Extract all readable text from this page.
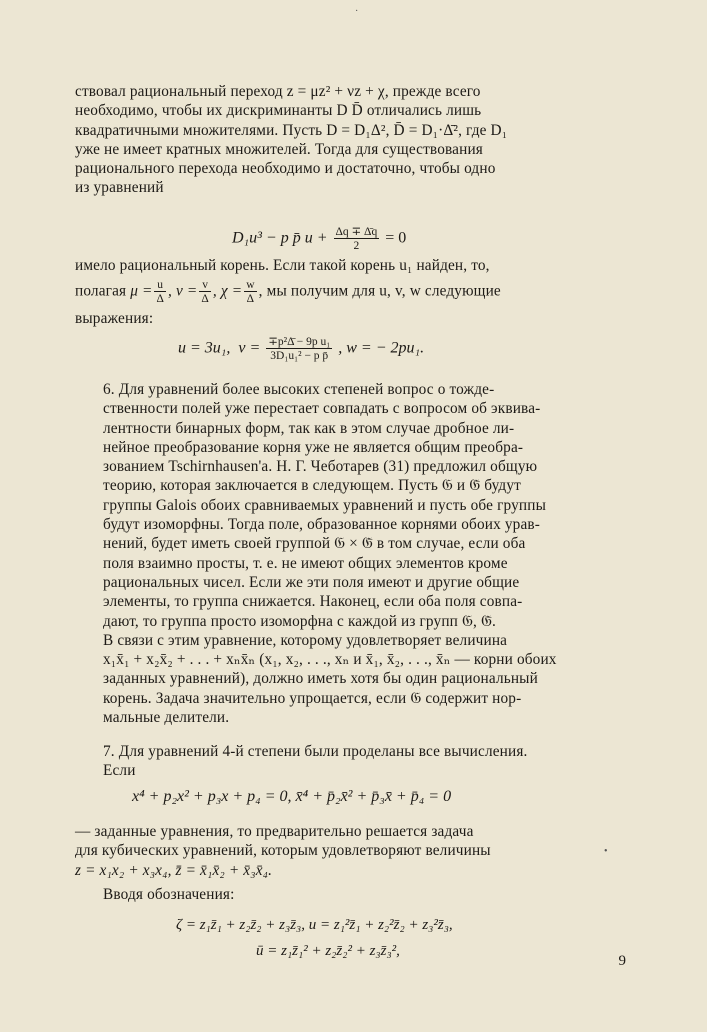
·

ствовал рациональный переход z = μz² + νz + χ, прежде всего
необходимо, чтобы их дискриминанты D D̄ отличались лишь
квадратичными множителями. Пусть D = D₁Δ², D̄ = D₁·Δ̄², где D₁
уже не имеет кратных множителей. Тогда для существования
рационального перехода необходимо и достаточно, чтобы одно
из уравнений

D₁u³ − p p̄ $u + \frac{\Delta q \mp \Deltāq}{2} = 0$

имело рациональный корень. Если такой корень u₁ найден, то,

полагая $\mu = \frac{u}{\Delta}$ , $\nu = \frac{v}{\Delta}$ , $\chi = \frac{w}{\Delta}$ , мы получим для u, v, w следующие

выражения:

u = 3u₁, $v = \frac{\text{∓p²Δ̄ − 9p u₁}}{\text{3D₁u₁² − p p̄}}$ , w = − 2pu₁.

6. Для уравнений более высоких степеней вопрос о тожде-
ственности полей уже перестает совпадать с вопросом об эквива-
лентности бинарных форм, так как в этом случае дробное ли-
нейное преобразование корня уже не является общим преобра-
зованием Tschirnhausen'a. Н. Г. Чеботарев (31) предложил общую
теорию, которая заключается в следующем. Пусть 𝔊 и 𝔊̄ будут
группы Galois обоих сравниваемых уравнений и пусть обе группы
будут изоморфны. Тогда поле, образованное корнями обоих урав-
нений, будет иметь своей группой 𝔊 × 𝔊̄ в том случае, если оба
поля взаимно просты, т. е. не имеют общих элементов кроме
рациональных чисел. Если же эти поля имеют и другие общие
элементы, то группа снижается. Наконец, если оба поля совпа-
дают, то группа просто изоморфна с каждой из групп 𝔊, 𝔊̄.
В связи с этим уравнение, которому удовлетворяет величина
x₁x̄₁ + x₂x̄₂ + . . . + xₙx̄ₙ (x₁, x₂, . . ., xₙ и x̄₁, x̄₂, . . ., x̄ₙ — корни обоих
заданных уравнений), должно иметь хотя бы один рациональный
корень. Задача значительно упрощается, если 𝔊 содержит нор-
мальные делители.

7. Для уравнений 4-й степени были проделаны все вычисления.
Если

x⁴ + p₂x² + p₃x + p₄ = 0, x̄⁴ + p̄₂x̄² + p̄₃x̄ + p̄₄ = 0

— заданные уравнения, то предварительно решается задача
для кубических уравнений, которым удовлетворяют величины
z = x₁x₂ + x₃x₄, z̄ = x̄₁x̄₂ + x̄₃x̄₄.

•

Вводя обозначения:

ζ = z₁z̄₁ + z₂z̄₂ + z₃z̄₃, u = z₁²z̄₁ + z₂²z̄₂ + z₃²z̄₃,
ū = z₁z̄₁² + z₂z̄₂² + z₃z̄₃²,
9
